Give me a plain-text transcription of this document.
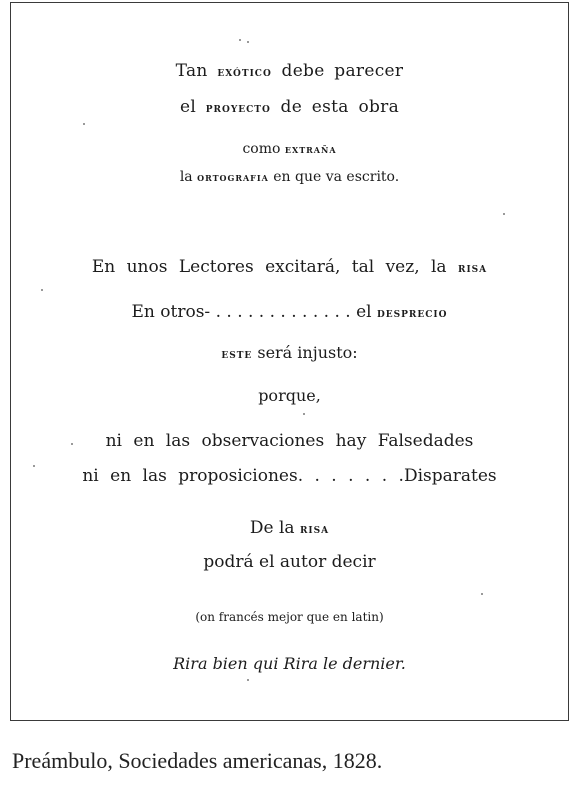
Tan exótico debe parecer
el proyecto de esta obra
como extraña
la ortografia en que va escrito.
En unos Lectores excitará, tal vez, la risa
En otros- . . . . . . . . . . . . . el desprecio
este será injusto:
porque,
ni en las observaciones hay Falsedades
ni en las proposiciones. . . . . . .Disparates
De la risa
podrá el autor decir
(on francés mejor que en latin)
Rira bien qui Rira le dernier.
Preámbulo, Sociedades americanas, 1828.
